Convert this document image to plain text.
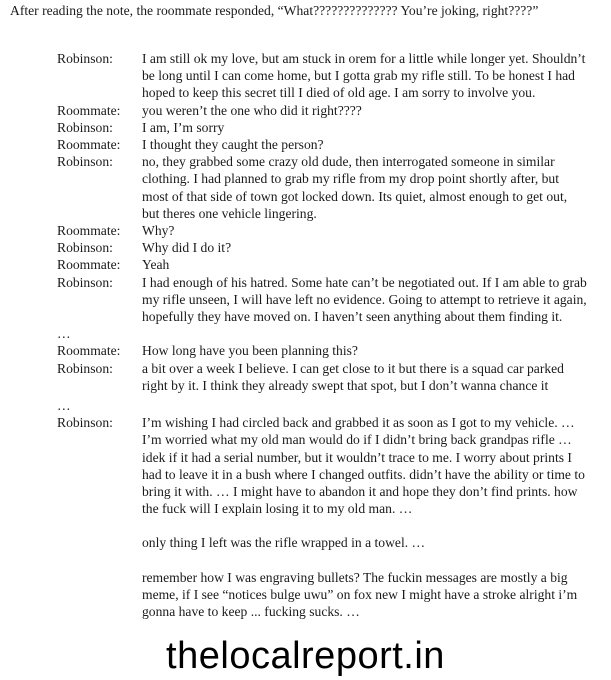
After reading the note, the roommate responded, “What?????????????? You’re joking, right????”

Robinson:	I am still ok my love, but am stuck in orem for a little while longer yet. Shouldn’t be long until I can come home, but I gotta grab my rifle still. To be honest I had hoped to keep this secret till I died of old age. I am sorry to involve you.

Roommate:	you weren’t the one who did it right????

Robinson:	I am, I’m sorry

Roommate:	I thought they caught the person?

Robinson:	no, they grabbed some crazy old dude, then interrogated someone in similar clothing. I had planned to grab my rifle from my drop point shortly after, but most of that side of town got locked down. Its quiet, almost enough to get out, but theres one vehicle lingering.

Roommate:	Why?

Robinson:	Why did I do it?

Roommate:	Yeah

Robinson:	I had enough of his hatred. Some hate can’t be negotiated out. If I am able to grab my rifle unseen, I will have left no evidence. Going to attempt to retrieve it again, hopefully they have moved on. I haven’t seen anything about them finding it.

…
Roommate:	How long have you been planning this?

Robinson:	a bit over a week I believe. I can get close to it but there is a squad car parked right by it. I think they already swept that spot, but I don’t wanna chance it

…
Robinson:	I’m wishing I had circled back and grabbed it as soon as I got to my vehicle. … I’m worried what my old man would do if I didn’t bring back grandpas rifle … idek if it had a serial number, but it wouldn’t trace to me. I worry about prints I had to leave it in a bush where I changed outfits. didn’t have the ability or time to bring it with. … I might have to abandon it and hope they don’t find prints. how the fuck will I explain losing it to my old man. …

only thing I left was the rifle wrapped in a towel. …

remember how I was engraving bullets? The fuckin messages are mostly a big meme, if I see “notices bulge uwu” on fox new I might have a stroke alright i’m gonna have to keep ... fucking sucks. …

thelocalreport.in
